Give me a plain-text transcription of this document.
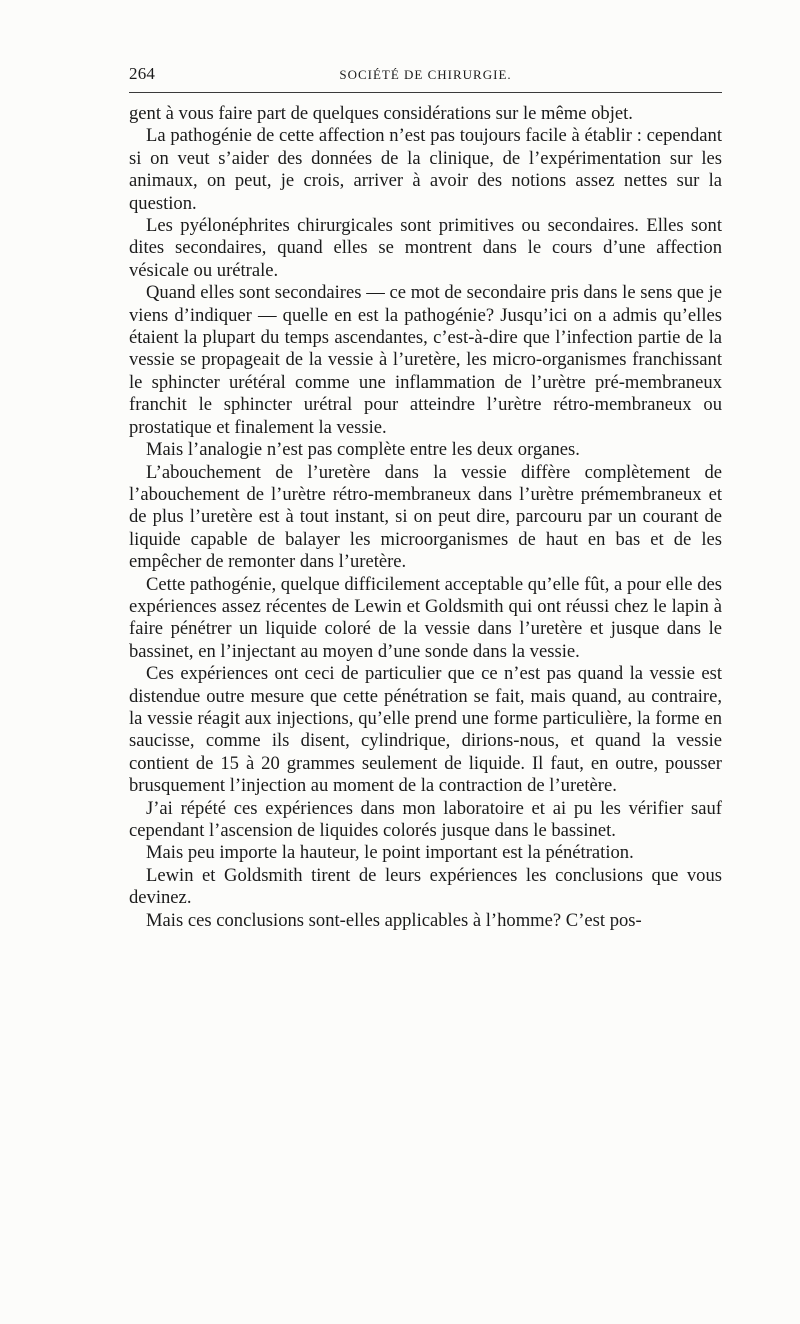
264	SOCIÉTÉ DE CHIRURGIE.

gent à vous faire part de quelques considérations sur le même objet.

La pathogénie de cette affection n’est pas toujours facile à établir : cependant si on veut s’aider des données de la clinique, de l’expérimentation sur les animaux, on peut, je crois, arriver à avoir des notions assez nettes sur la question.

Les pyélonéphrites chirurgicales sont primitives ou secondaires. Elles sont dites secondaires, quand elles se montrent dans le cours d’une affection vésicale ou urétrale.

Quand elles sont secondaires — ce mot de secondaire pris dans le sens que je viens d’indiquer — quelle en est la pathogénie? Jusqu’ici on a admis qu’elles étaient la plupart du temps ascendantes, c’est-à-dire que l’infection partie de la vessie se propageait de la vessie à l’uretère, les micro-organismes franchissant le sphincter urétéral comme une inflammation de l’urètre pré-membraneux franchit le sphincter urétral pour atteindre l’urètre rétro-membraneux ou prostatique et finalement la vessie.

Mais l’analogie n’est pas complète entre les deux organes.

L’abouchement de l’uretère dans la vessie diffère complètement de l’abouchement de l’urètre rétro-membraneux dans l’urètre prémembraneux et de plus l’uretère est à tout instant, si on peut dire, parcouru par un courant de liquide capable de balayer les microorganismes de haut en bas et de les empêcher de remonter dans l’uretère.

Cette pathogénie, quelque difficilement acceptable qu’elle fût, a pour elle des expériences assez récentes de Lewin et Goldsmith qui ont réussi chez le lapin à faire pénétrer un liquide coloré de la vessie dans l’uretère et jusque dans le bassinet, en l’injectant au moyen d’une sonde dans la vessie.

Ces expériences ont ceci de particulier que ce n’est pas quand la vessie est distendue outre mesure que cette pénétration se fait, mais quand, au contraire, la vessie réagit aux injections, qu’elle prend une forme particulière, la forme en saucisse, comme ils disent, cylindrique, dirions-nous, et quand la vessie contient de 15 à 20 grammes seulement de liquide. Il faut, en outre, pousser brusquement l’injection au moment de la contraction de l’uretère.

J’ai répété ces expériences dans mon laboratoire et ai pu les vérifier sauf cependant l’ascension de liquides colorés jusque dans le bassinet.

Mais peu importe la hauteur, le point important est la pénétration.

Lewin et Goldsmith tirent de leurs expériences les conclusions que vous devinez.

Mais ces conclusions sont-elles applicables à l’homme? C’est pos-
